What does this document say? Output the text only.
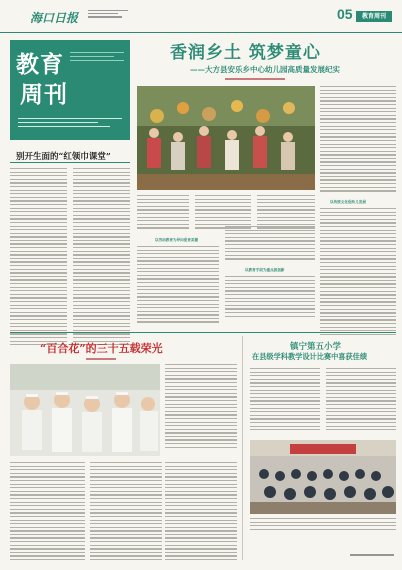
海口日报	05	教育周刊
教育
周刊
别开生面的“红领巾课堂”
香润乡土 筑梦童心
——大方县安乐乡中心幼儿园高质量发展纪实
以传统文化促幼儿发展
以劳动教育为导向促育美德
以教育手段为重点抓创新
“百合花”的三十五载荣光	镇宁第五小学
在县级学科教学设计比赛中喜获佳绩
